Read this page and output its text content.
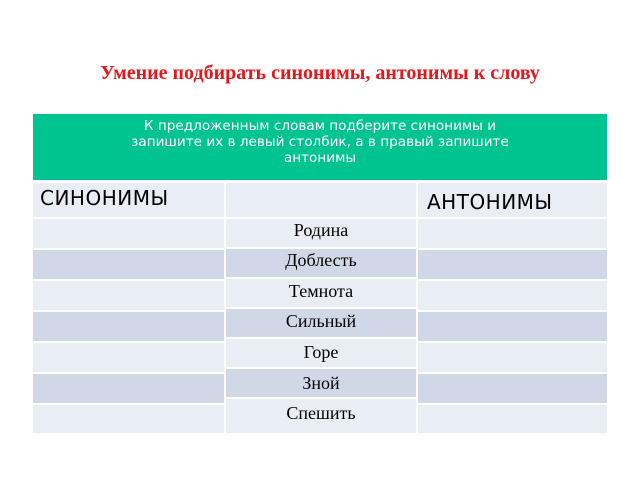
Умение подбирать синонимы, антонимы к слову
К предложенным словам подберите синонимы и
запишите их в левый столбик, а в правый запишите
антонимы
СИНОНИМЫ	АНТОНИМЫ
Родина
Доблесть
Темнота
Сильный
Горе
Зной
Спешить
